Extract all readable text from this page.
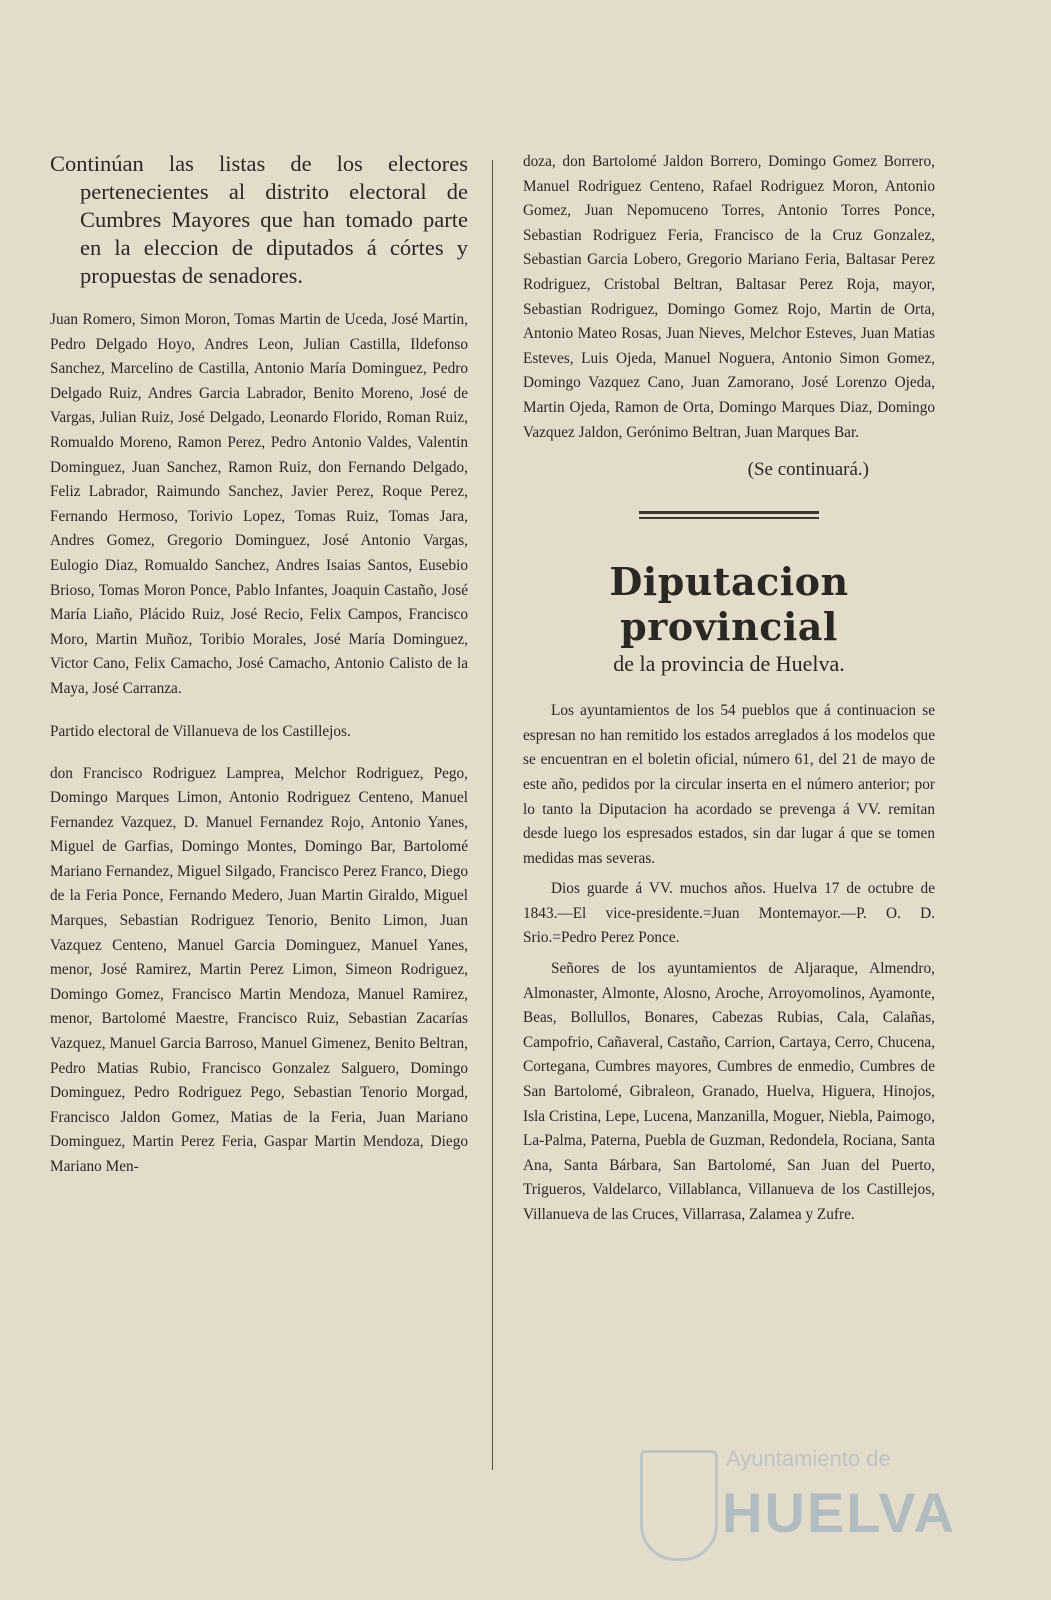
Continúan las listas de los electores pertenecientes al distrito electoral de Cumbres Mayores que han tomado parte en la eleccion de diputados á córtes y propuestas de senadores.

Juan Romero, Simon Moron, Tomas Martin de Uceda, José Martin, Pedro Delgado Hoyo, Andres Leon, Julian Castilla, Ildefonso Sanchez, Marcelino de Castilla, Antonio María Dominguez, Pedro Delgado Ruiz, Andres Garcia Labrador, Benito Moreno, José de Vargas, Julian Ruiz, José Delgado, Leonardo Florido, Roman Ruiz, Romualdo Moreno, Ramon Perez, Pedro Antonio Valdes, Valentin Dominguez, Juan Sanchez, Ramon Ruiz, don Fernando Delgado, Feliz Labrador, Raimundo Sanchez, Javier Perez, Roque Perez, Fernando Hermoso, Torivio Lopez, Tomas Ruiz, Tomas Jara, Andres Gomez, Gregorio Dominguez, José Antonio Vargas, Eulogio Diaz, Romualdo Sanchez, Andres Isaias Santos, Eusebio Brioso, Tomas Moron Ponce, Pablo Infantes, Joaquin Castaño, José María Liaño, Plácido Ruiz, José Recio, Felix Campos, Francisco Moro, Martin Muñoz, Toribio Morales, José María Dominguez, Victor Cano, Felix Camacho, José Camacho, Antonio Calisto de la Maya, José Carranza.

Partido electoral de Villanueva de los Castillejos.

don Francisco Rodriguez Lamprea, Melchor Rodriguez, Pego, Domingo Marques Limon, Antonio Rodriguez Centeno, Manuel Fernandez Vazquez, D. Manuel Fernandez Rojo, Antonio Yanes, Miguel de Garfias, Domingo Montes, Domingo Bar, Bartolomé Mariano Fernandez, Miguel Silgado, Francisco Perez Franco, Diego de la Feria Ponce, Fernando Medero, Juan Martin Giraldo, Miguel Marques, Sebastian Rodriguez Tenorio, Benito Limon, Juan Vazquez Centeno, Manuel Garcia Dominguez, Manuel Yanes, menor, José Ramirez, Martin Perez Limon, Simeon Rodriguez, Domingo Gomez, Francisco Martin Mendoza, Manuel Ramirez, menor, Bartolomé Maestre, Francisco Ruiz, Sebastian Zacarías Vazquez, Manuel Garcia Barroso, Manuel Gimenez, Benito Beltran, Pedro Matias Rubio, Francisco Gonzalez Salguero, Domingo Dominguez, Pedro Rodriguez Pego, Sebastian Tenorio Morgad, Francisco Jaldon Gomez, Matias de la Feria, Juan Mariano Dominguez, Martin Perez Feria, Gaspar Martin Mendoza, Diego Mariano Men-

doza, don Bartolomé Jaldon Borrero, Domingo Gomez Borrero, Manuel Rodriguez Centeno, Rafael Rodriguez Moron, Antonio Gomez, Juan Nepomuceno Torres, Antonio Torres Ponce, Sebastian Rodriguez Feria, Francisco de la Cruz Gonzalez, Sebastian Garcia Lobero, Gregorio Mariano Feria, Baltasar Perez Rodriguez, Cristobal Beltran, Baltasar Perez Roja, mayor, Sebastian Rodriguez, Domingo Gomez Rojo, Martin de Orta, Antonio Mateo Rosas, Juan Nieves, Melchor Esteves, Juan Matias Esteves, Luis Ojeda, Manuel Noguera, Antonio Simon Gomez, Domingo Vazquez Cano, Juan Zamorano, José Lorenzo Ojeda, Martin Ojeda, Ramon de Orta, Domingo Marques Diaz, Domingo Vazquez Jaldon, Gerónimo Beltran, Juan Marques Bar.

(Se continuará.)

Diputacion provincial
de la provincia de Huelva.

Los ayuntamientos de los 54 pueblos que á continuacion se espresan no han remitido los estados arreglados á los modelos que se encuentran en el boletin oficial, número 61, del 21 de mayo de este año, pedidos por la circular inserta en el número anterior; por lo tanto la Diputacion ha acordado se prevenga á VV. remitan desde luego los espresados estados, sin dar lugar á que se tomen medidas mas severas.

Dios guarde á VV. muchos años. Huelva 17 de octubre de 1843.—El vice-presidente.=Juan Montemayor.—P. O. D. Srio.=Pedro Perez Ponce.

Señores de los ayuntamientos de Aljaraque, Almendro, Almonaster, Almonte, Alosno, Aroche, Arroyomolinos, Ayamonte, Beas, Bollullos, Bonares, Cabezas Rubias, Cala, Calañas, Campofrio, Cañaveral, Castaño, Carrion, Cartaya, Cerro, Chucena, Cortegana, Cumbres mayores, Cumbres de enmedio, Cumbres de San Bartolomé, Gibraleon, Granado, Huelva, Higuera, Hinojos, Isla Cristina, Lepe, Lucena, Manzanilla, Moguer, Niebla, Paimogo, La-Palma, Paterna, Puebla de Guzman, Redondela, Rociana, Santa Ana, Santa Bárbara, San Bartolomé, San Juan del Puerto, Trigueros, Valdelarco, Villablanca, Villanueva de los Castillejos, Villanueva de las Cruces, Villarrasa, Zalamea y Zufre.

Ayuntamiento de
HUELVA
